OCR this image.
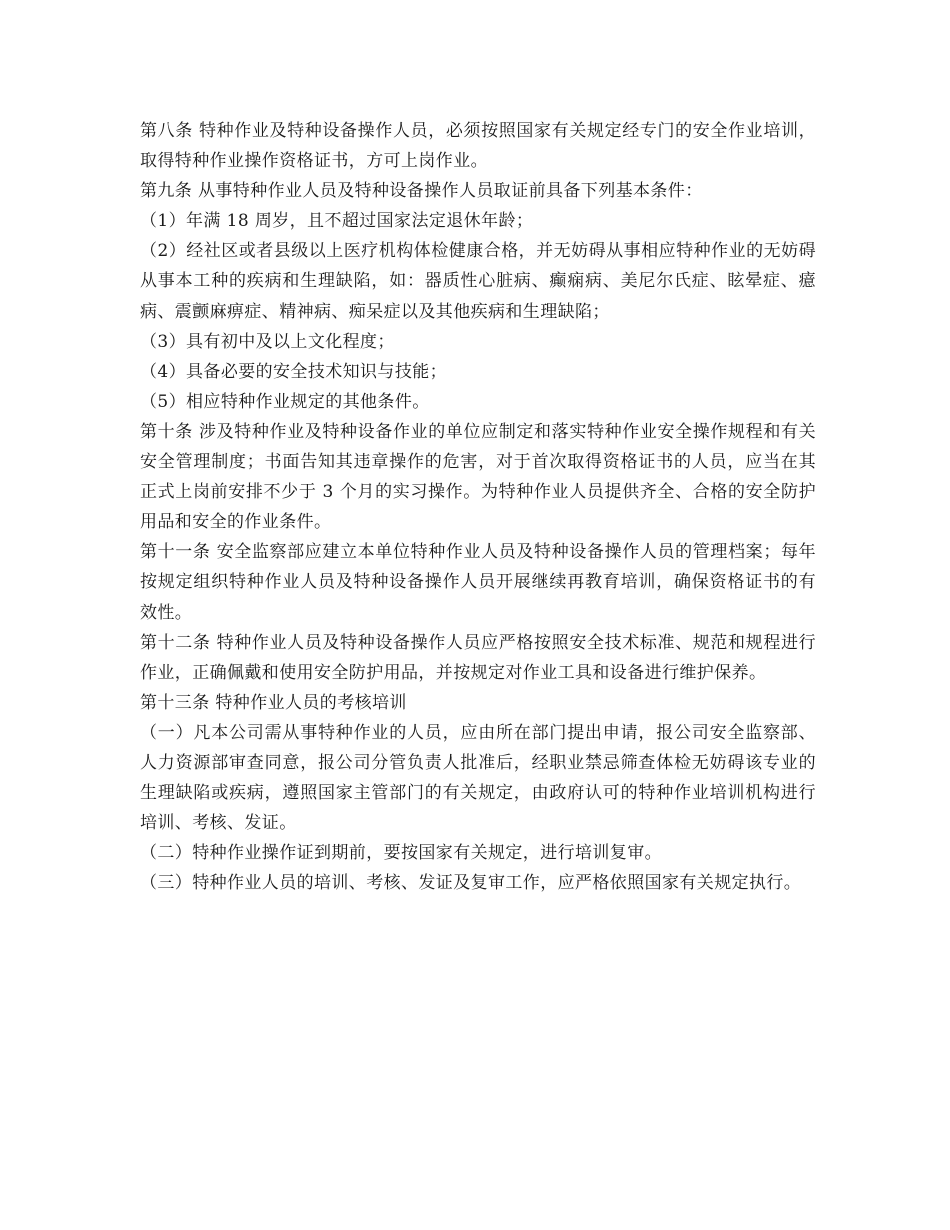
第八条 特种作业及特种设备操作人员，必须按照国家有关规定经专门的安全作业培训，取得特种作业操作资格证书，方可上岗作业。

第九条 从事特种作业人员及特种设备操作人员取证前具备下列基本条件：

（1）年满 18 周岁，且不超过国家法定退休年龄；

（2）经社区或者县级以上医疗机构体检健康合格，并无妨碍从事相应特种作业的无妨碍从事本工种的疾病和生理缺陷，如：器质性心脏病、癫痫病、美尼尔氏症、眩晕症、癔病、震颤麻痹症、精神病、痴呆症以及其他疾病和生理缺陷；

（3）具有初中及以上文化程度；

（4）具备必要的安全技术知识与技能；

（5）相应特种作业规定的其他条件。

第十条 涉及特种作业及特种设备作业的单位应制定和落实特种作业安全操作规程和有关安全管理制度；书面告知其违章操作的危害，对于首次取得资格证书的人员，应当在其正式上岗前安排不少于 3 个月的实习操作。为特种作业人员提供齐全、合格的安全防护用品和安全的作业条件。

第十一条 安全监察部应建立本单位特种作业人员及特种设备操作人员的管理档案；每年按规定组织特种作业人员及特种设备操作人员开展继续再教育培训，确保资格证书的有效性。

第十二条 特种作业人员及特种设备操作人员应严格按照安全技术标准、规范和规程进行作业，正确佩戴和使用安全防护用品，并按规定对作业工具和设备进行维护保养。

第十三条 特种作业人员的考核培训

（一）凡本公司需从事特种作业的人员，应由所在部门提出申请，报公司安全监察部、人力资源部审查同意，报公司分管负责人批准后，经职业禁忌筛查体检无妨碍该专业的生理缺陷或疾病，遵照国家主管部门的有关规定，由政府认可的特种作业培训机构进行培训、考核、发证。

（二）特种作业操作证到期前，要按国家有关规定，进行培训复审。

（三）特种作业人员的培训、考核、发证及复审工作，应严格依照国家有关规定执行。
